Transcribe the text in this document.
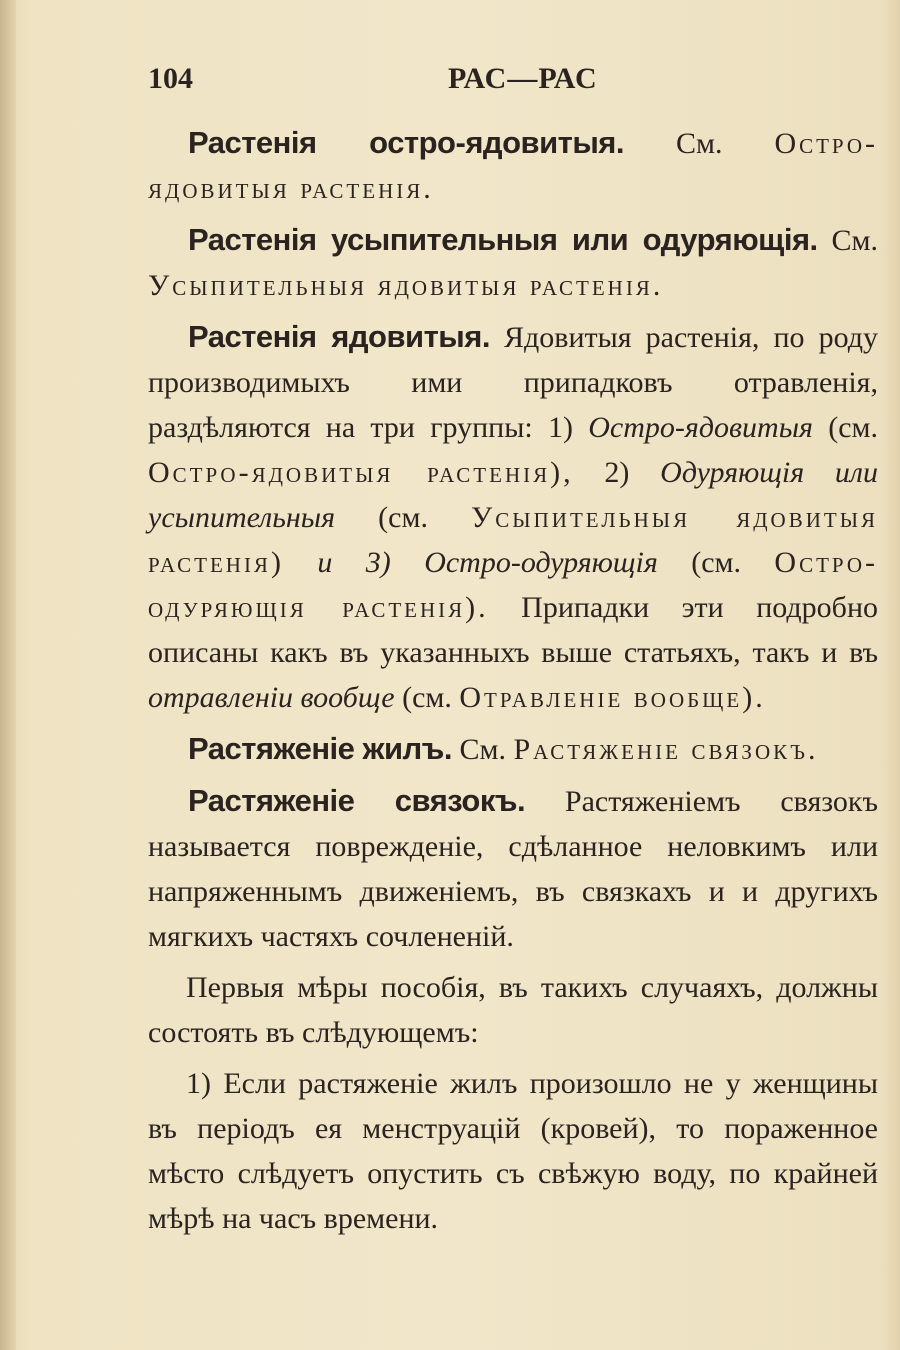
104	РАС—РАС

Растенія остро-ядовитыя. См. Остро-ядовитыя растенія.

Растенія усыпительныя или одуряющія. См. Усыпительныя ядовитыя растенія.

Растенія ядовитыя. Ядовитыя растенія, по роду производимыхъ ими припадковъ отравленія, раздѣляются на три группы: 1) Остро-ядовитыя (см. Остро-ядовитыя растенія), 2) Одуряющія или усыпительныя (см. Усыпительныя ядовитыя растенія) и 3) Остро-одуряющія (см. Остро-одуряющія растенія). Припадки эти подробно описаны какъ въ указанныхъ выше статьяхъ, такъ и въ отравленіи вообще (см. Отравленіе вообще).

Растяженіе жилъ. См. Растяженіе связокъ.

Растяженіе связокъ. Растяженіемъ связокъ называется поврежденіе, сдѣланное неловкимъ или напряженнымъ движеніемъ, въ связкахъ и и другихъ мягкихъ частяхъ сочлененій.

Первыя мѣры пособія, въ такихъ случаяхъ, должны состоять въ слѣдующемъ:

1) Если растяженіе жилъ произошло не у женщины въ періодъ ея менструацій (кровей), то пораженное мѣсто слѣдуетъ опустить съ свѣжую воду, по крайней мѣрѣ на часъ времени.
